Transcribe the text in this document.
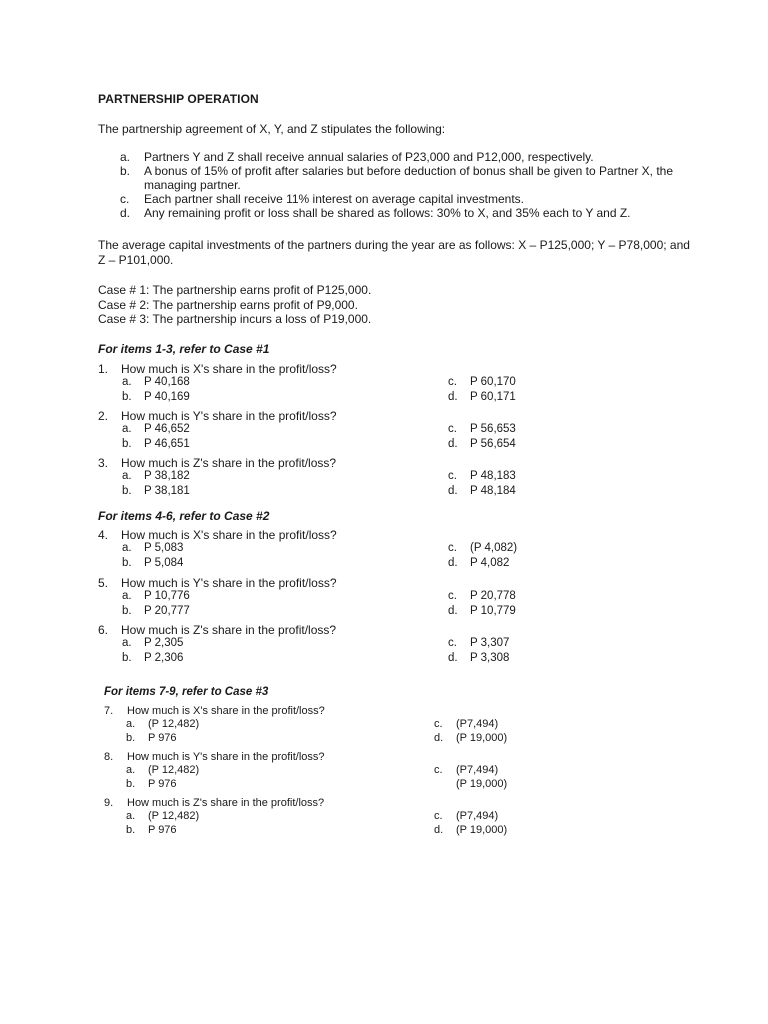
PARTNERSHIP OPERATION
The partnership agreement of X, Y, and Z stipulates the following:
a. Partners Y and Z shall receive annual salaries of P23,000 and P12,000, respectively.
b. A bonus of 15% of profit after salaries but before deduction of bonus shall be given to Partner X, the managing partner.
c. Each partner shall receive 11% interest on average capital investments.
d. Any remaining profit or loss shall be shared as follows: 30% to X, and 35% each to Y and Z.
The average capital investments of the partners during the year are as follows: X – P125,000; Y – P78,000; and Z – P101,000.
Case # 1: The partnership earns profit of P125,000.
Case # 2: The partnership earns profit of P9,000.
Case # 3: The partnership incurs a loss of P19,000.
For items 1-3, refer to Case #1
1. How much is X's share in the profit/loss?
a. P 40,168
b. P 40,169
c. P 60,170
d. P 60,171
2. How much is Y's share in the profit/loss?
a. P 46,652
b. P 46,651
c. P 56,653
d. P 56,654
3. How much is Z's share in the profit/loss?
a. P 38,182
b. P 38,181
c. P 48,183
d. P 48,184
For items 4-6, refer to Case #2
4. How much is X's share in the profit/loss?
a. P 5,083
b. P 5,084
c. (P 4,082)
d. P 4,082
5. How much is Y's share in the profit/loss?
a. P 10,776
b. P 20,777
c. P 20,778
d. P 10,779
6. How much is Z's share in the profit/loss?
a. P 2,305
b. P 2,306
c. P 3,307
d. P 3,308
For items 7-9, refer to Case #3
7. How much is X's share in the profit/loss?
a. (P 12,482)
b. P 976
c. (P7,494)
d. (P 19,000)
8. How much is Y's share in the profit/loss?
a. (P 12,482)
b. P 976
c. (P7,494)
(P 19,000)
9. How much is Z's share in the profit/loss?
a. (P 12,482)
b. P 976
c. (P7,494)
d. (P 19,000)
